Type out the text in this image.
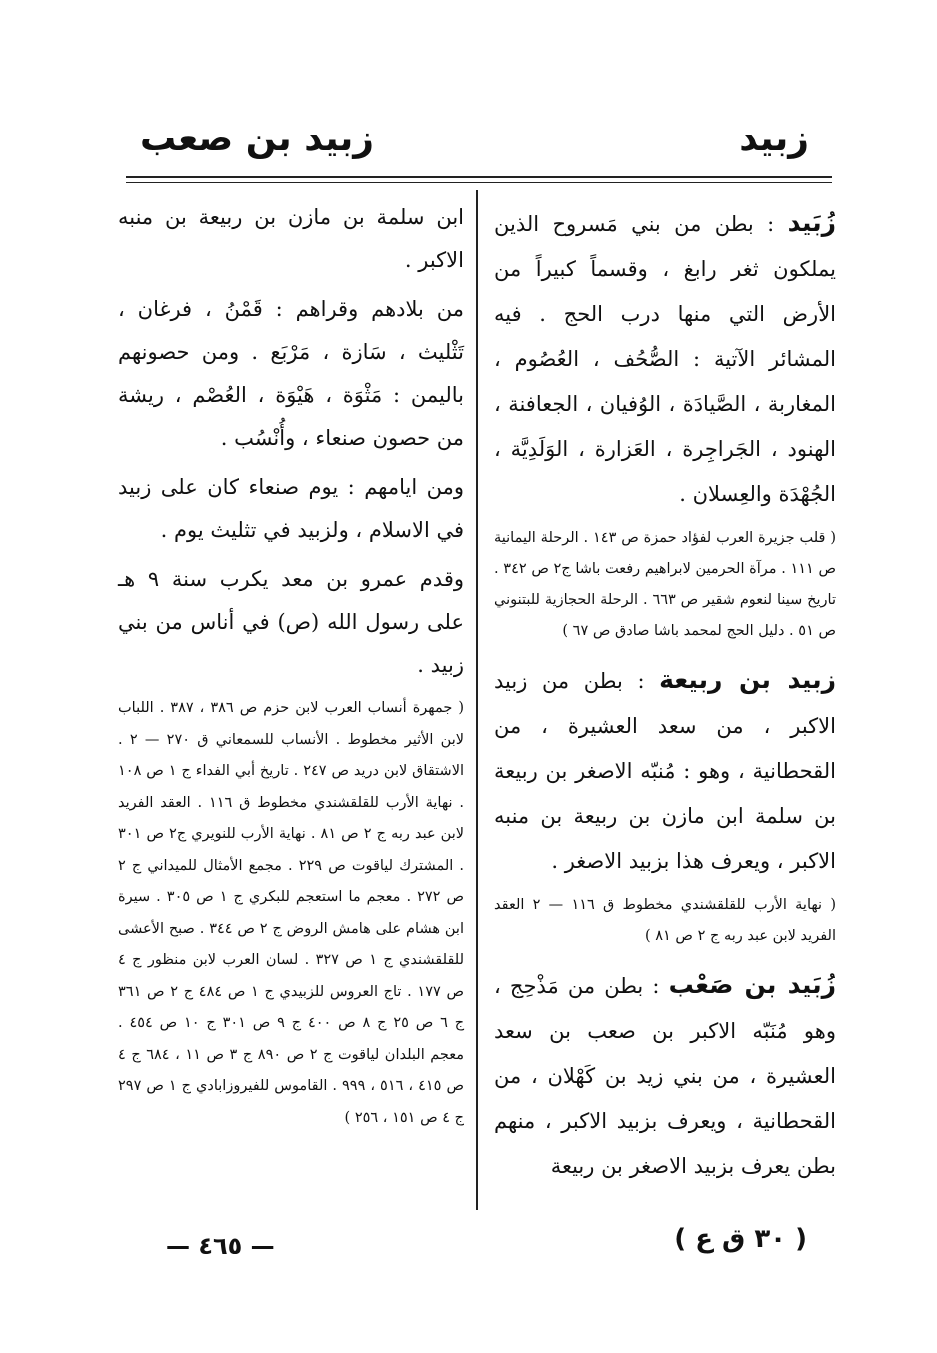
زبيد
زبيد بن صعب

زُبَيد : بطن من بني مَسروح الذين يملكون ثغر رابغ ، وقسماً كبيراً من الأرض التي منها درب الحج . فيه المشائر الآتية : الصُّحُف ، العُصُوم ، المغاربة ، الصَّيادَة ، الوُفيان ، الجعافنة ، الهنود ، الجَراجِرة ، العَزارة ، الوَلَدِيَّة ، الجُهْدَة والعِسلان .

( قلب جزيرة العرب لفؤاد حمزة ص ١٤٣ . الرحلة اليمانية ص ١١١ . مرآة الحرمين لابراهيم رفعت باشا ج٢ ص ٣٤٢ . تاريخ سينا لنعوم شقير ص ٦٦٣ . الرحلة الحجازية للبتنوني ص ٥١ . دليل الحج لمحمد باشا صادق ص ٦٧ )

زبيد بن ربيعة : بطن من زبيد الاكبر ، من سعد العشيرة ، من القحطانية ، وهو : مُنبّه الاصغر بن ربيعة بن سلمة ابن مازن بن ربيعة بن منبه الاكبر ، ويعرف هذا بزبيد الاصغر .

( نهاية الأرب للقلقشندي مخطوط ق ١١٦ — ٢ العقد الفريد لابن عبد ربه ج ٢ ص ٨١ )

زُبَيد بن صَعْب : بطن من مَذْحِج ، وهو مُنَبّه الاكبر بن صعب بن سعد العشيرة ، من بني زيد بن كَهْلان ، من القحطانية ، ويعرف بزبيد الاكبر ، منهم بطن يعرف بزبيد الاصغر بن ربيعة

ابن سلمة بن مازن بن ربيعة بن منبه الاكبر .

من بلادهم وقراهم : قَمْنُ ، فرغان ، تَثْليث ، سَازة ، مَرْبَع . ومن حصونهم باليمن : مَثْوَة ، هَيْوَة ، العُصْم ، ريشة من حصون صنعاء ، وأُنْسُب .

ومن ايامهم : يوم صنعاء كان على زبيد في الاسلام ، ولزبيد في تثليث يوم .

وقدم عمرو بن معد يكرب سنة ٩ هـ على رسول الله (ص) في أناس من بني زبيد .

( جمهرة أنساب العرب لابن حزم ص ٣٨٦ ، ٣٨٧ . اللباب لابن الأثير مخطوط . الأنساب للسمعاني ق ٢٧٠ — ٢ . الاشتقاق لابن دريد ص ٢٤٧ . تاريخ أبي الفداء ج ١ ص ١٠٨ . نهاية الأرب للقلقشندي مخطوط ق ١١٦ . العقد الفريد لابن عبد ربه ج ٢ ص ٨١ . نهاية الأرب للنويري ج٢ ص ٣٠١ . المشترك لياقوت ص ٢٢٩ . مجمع الأمثال للميداني ج ٢ ص ٢٧٢ . معجم ما استعجم للبكري ج ١ ص ٣٠٥ . سيرة ابن هشام على هامش الروض ج ٢ ص ٣٤٤ . صبح الأعشى للقلقشندي ج ١ ص ٣٢٧ . لسان العرب لابن منظور ج ٤ ص ١٧٧ . تاج العروس للزبيدي ج ١ ص ٤٨٤ ج ٢ ص ٣٦١ ج ٦ ص ٢٥ ج ٨ ص ٤٠٠ ج ٩ ص ٣٠١ ج ١٠ ص ٤٥٤ . معجم البلدان لياقوت ج ٢ ص ٨٩٠ ج ٣ ص ١١ ، ٦٨٤ ج ٤ ص ٤١٥ ، ٥١٦ ، ٩٩٩ . القاموس للفيروزابادي ج ١ ص ٢٩٧ ج ٤ ص ١٥١ ، ٢٥٦ )

( ٣٠ ق ع )
— ٤٦٥ —
